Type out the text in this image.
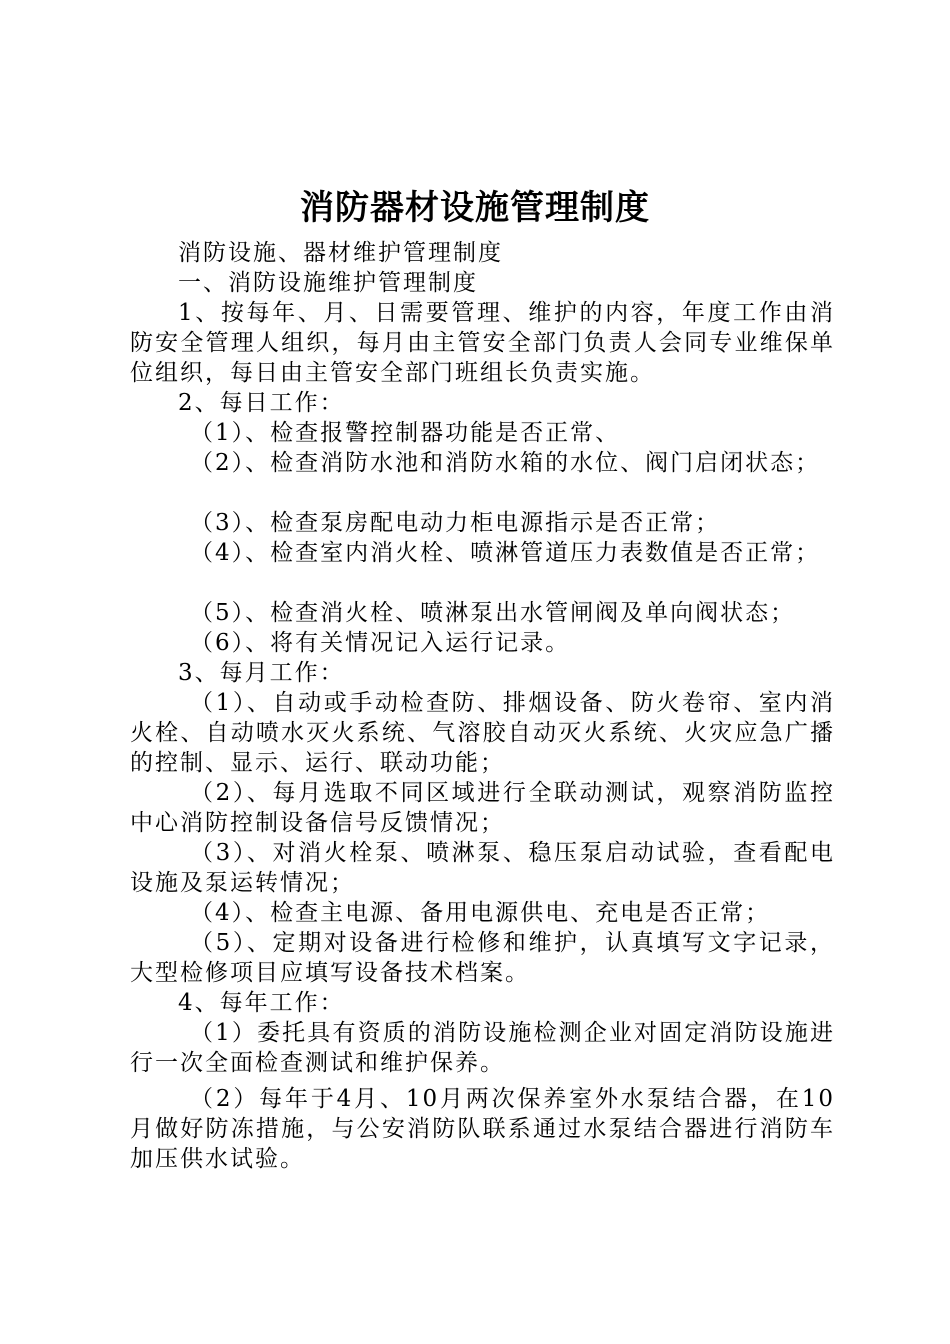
消防器材设施管理制度

消防设施、器材维护管理制度

一、消防设施维护管理制度

1、按每年、月、日需要管理、维护的内容，年度工作由消防安全管理人组织，每月由主管安全部门负责人会同专业维保单位组织，每日由主管安全部门班组长负责实施。

2、每日工作：

（1）、检查报警控制器功能是否正常、

（2）、检查消防水池和消防水箱的水位、阀门启闭状态；

（3）、检查泵房配电动力柜电源指示是否正常；

（4）、检查室内消火栓、喷淋管道压力表数值是否正常；

（5）、检查消火栓、喷淋泵出水管闸阀及单向阀状态；

（6）、将有关情况记入运行记录。

3、每月工作：

（1）、自动或手动检查防、排烟设备、防火卷帘、室内消火栓、自动喷水灭火系统、气溶胶自动灭火系统、火灾应急广播的控制、显示、运行、联动功能；

（2）、每月选取不同区域进行全联动测试，观察消防监控中心消防控制设备信号反馈情况；

（3）、对消火栓泵、喷淋泵、稳压泵启动试验，查看配电设施及泵运转情况；

（4）、检查主电源、备用电源供电、充电是否正常；

（5）、定期对设备进行检修和维护，认真填写文字记录，大型检修项目应填写设备技术档案。

4、每年工作：

（1）委托具有资质的消防设施检测企业对固定消防设施进行一次全面检查测试和维护保养。

（2）每年于4月、10月两次保养室外水泵结合器，在10月做好防冻措施，与公安消防队联系通过水泵结合器进行消防车加压供水试验。
